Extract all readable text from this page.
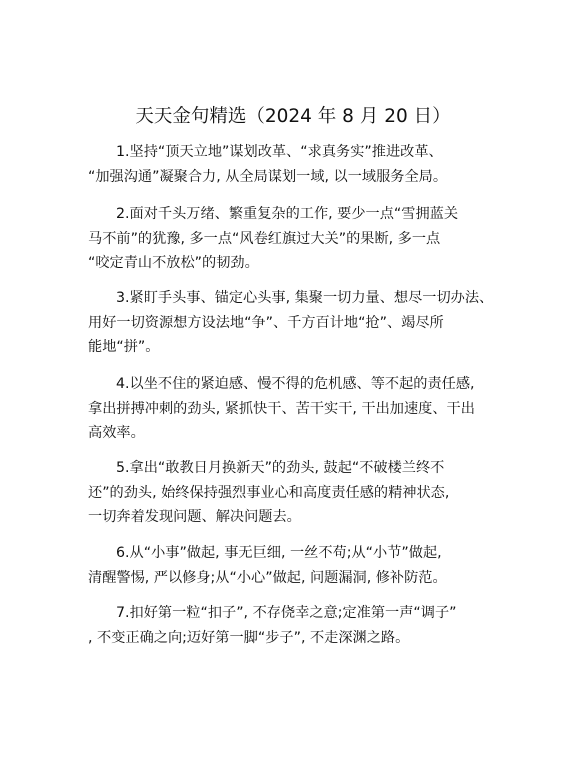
天天金句精选（2024 年 8 月 20 日）

1.坚持“顶天立地”谋划改革、“求真务实”推进改革、
“加强沟通”凝聚合力, 从全局谋划一域, 以一域服务全局。

2.面对千头万绪、繁重复杂的工作, 要少一点“雪拥蓝关
马不前”的犹豫, 多一点“风卷红旗过大关”的果断, 多一点
“咬定青山不放松”的韧劲。

3.紧盯手头事、锚定心头事, 集聚一切力量、想尽一切办法、
用好一切资源想方设法地“争”、千方百计地“抢”、竭尽所
能地“拼”。

4.以坐不住的紧迫感、慢不得的危机感、等不起的责任感,
拿出拼搏冲刺的劲头, 紧抓快干、苦干实干, 干出加速度、干出
高效率。

5.拿出“敢教日月换新天”的劲头, 鼓起“不破楼兰终不
还”的劲头, 始终保持强烈事业心和高度责任感的精神状态,
一切奔着发现问题、解决问题去。

6.从“小事”做起, 事无巨细, 一丝不苟;从“小节”做起,
清醒警惕, 严以修身;从“小心”做起, 问题漏洞, 修补防范。

7.扣好第一粒“扣子”, 不存侥幸之意;定准第一声“调子”
, 不变正确之向;迈好第一脚“步子”, 不走深渊之路。
